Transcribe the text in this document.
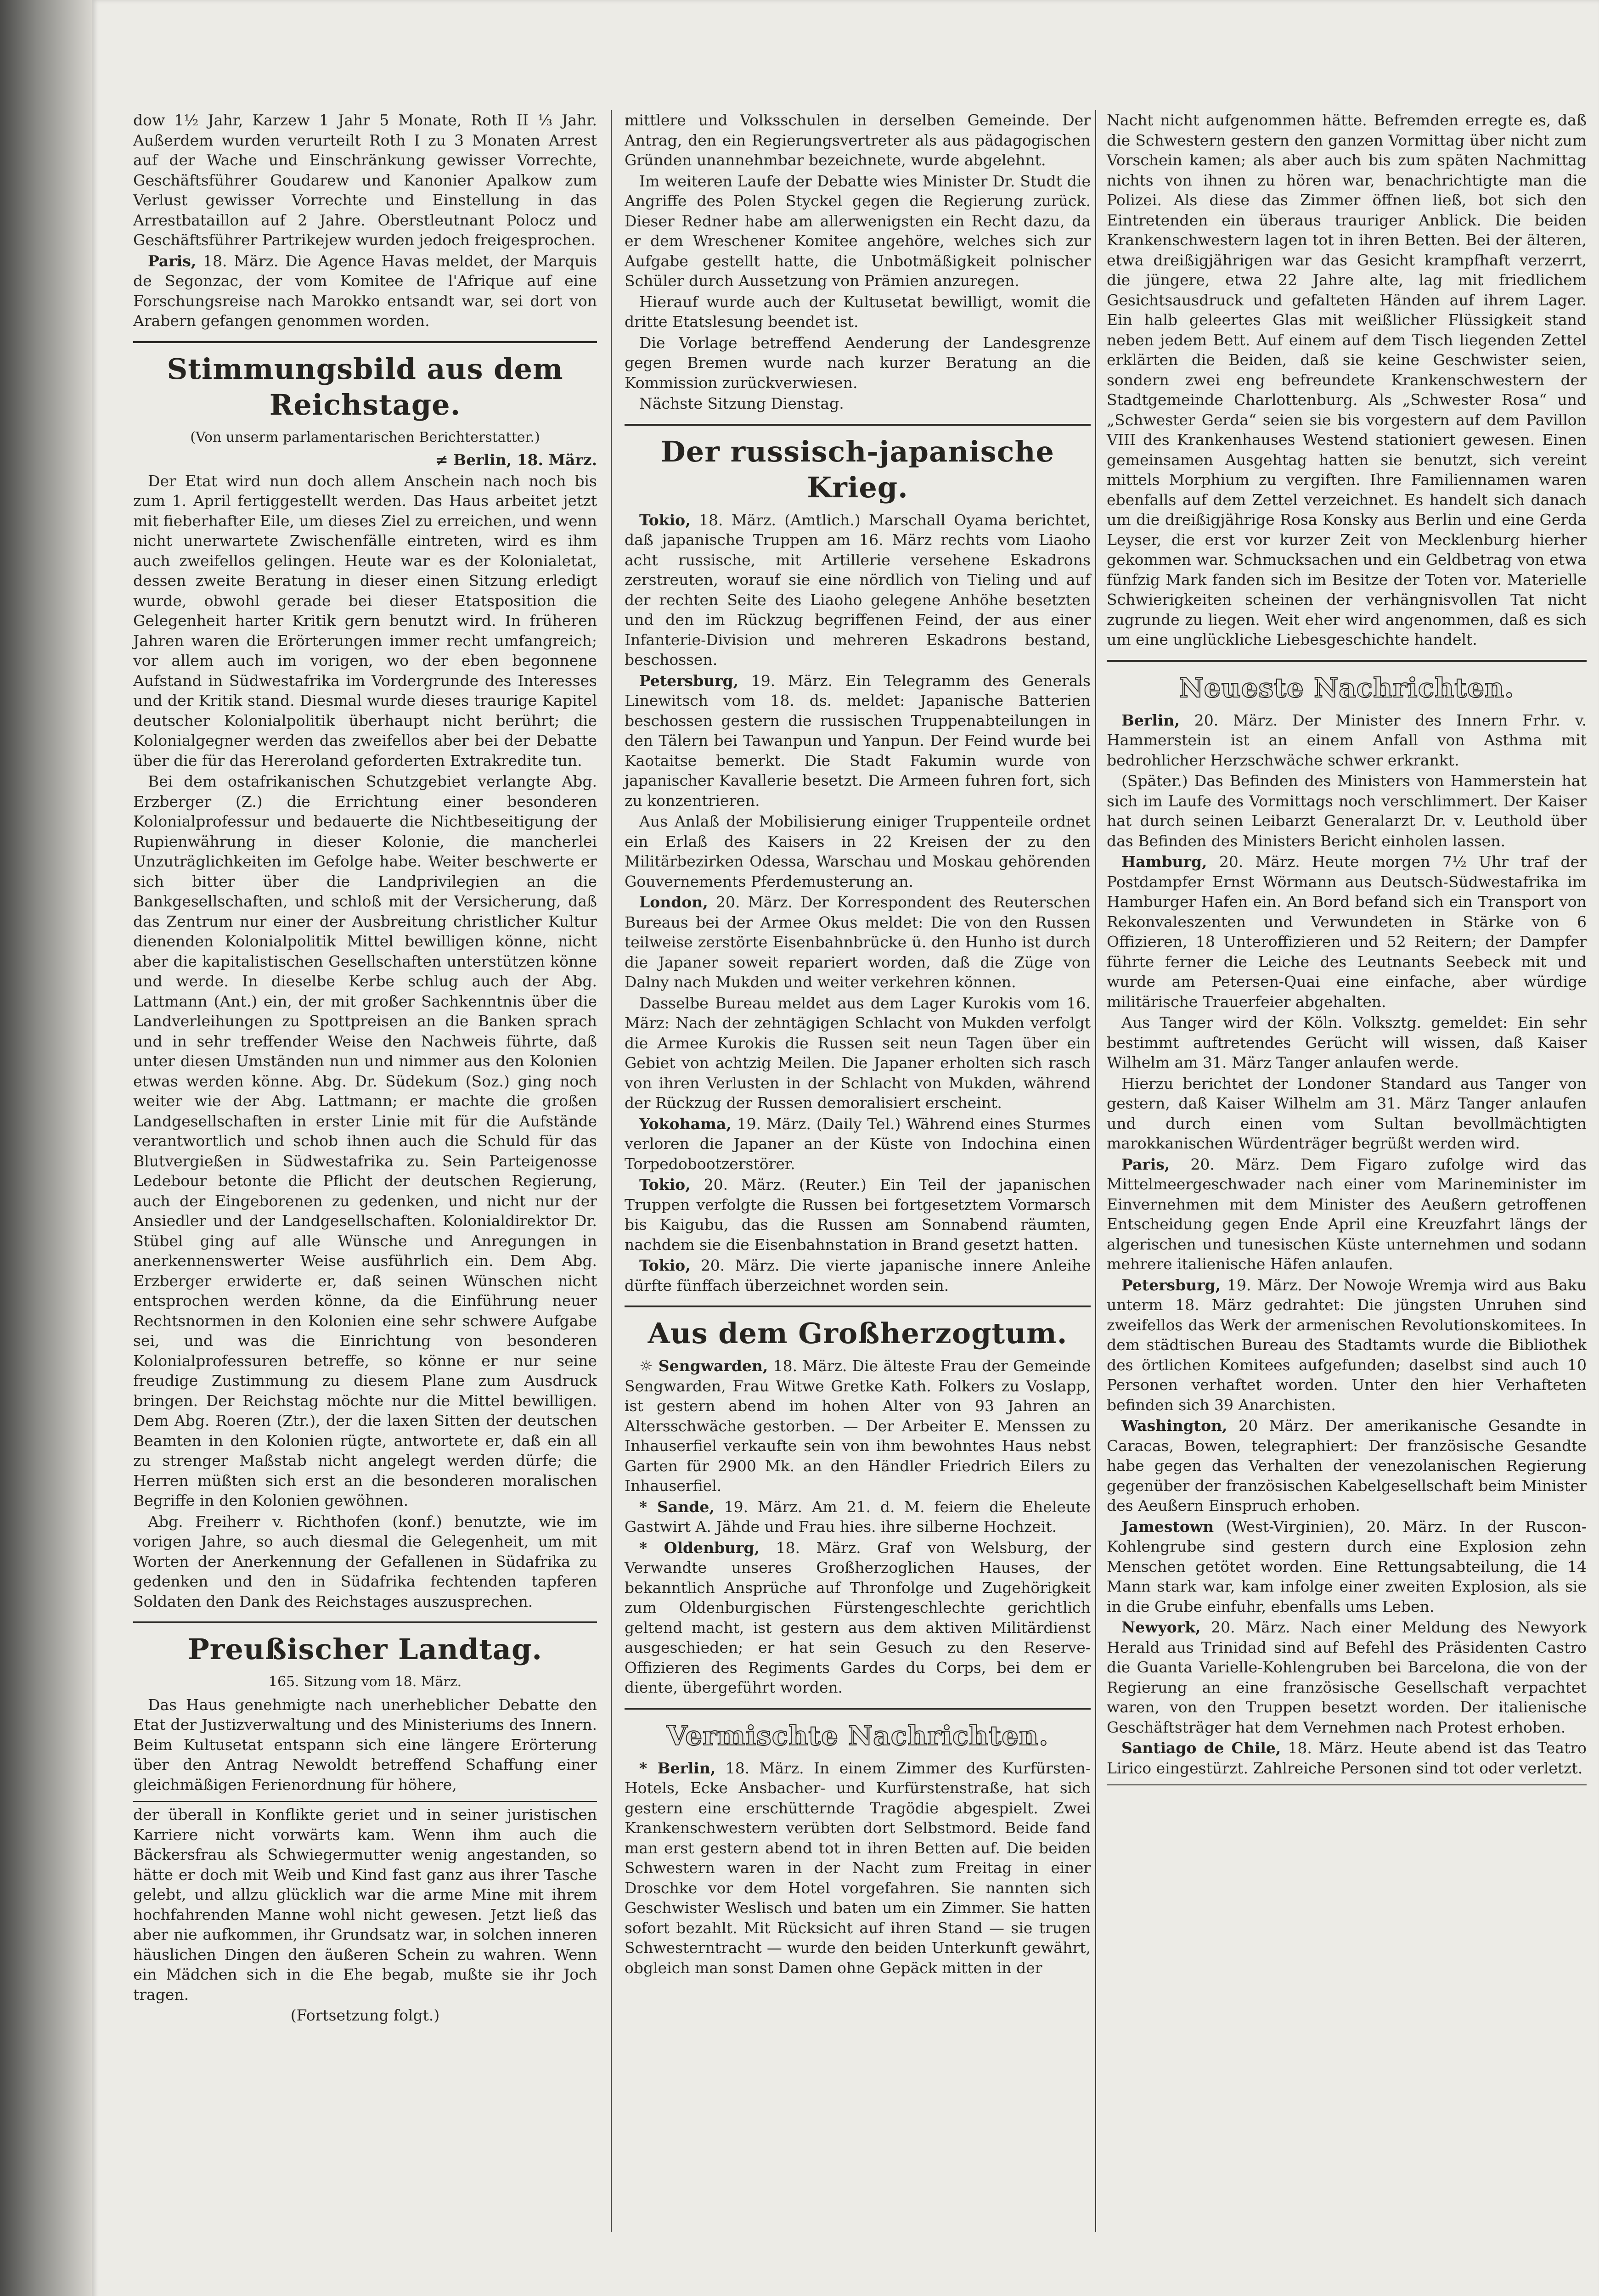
dow 1½ Jahr, Karzew 1 Jahr 5 Monate, Roth II ⅓ Jahr. Außerdem wurden verurteilt Roth I zu 3 Monaten Arrest auf der Wache und Einschränkung gewisser Vorrechte, Geschäftsführer Goudarew und Kanonier Apalkow zum Verlust gewisser Vorrechte und Einstellung in das Arrestbataillon auf 2 Jahre. Oberstleutnant Polocz und Geschäftsführer Partrikejew wurden jedoch freigesprochen.

Paris, 18. März. Die Agence Havas meldet, der Marquis de Segonzac, der vom Komitee de l'Afrique auf eine Forschungsreise nach Marokko entsandt war, sei dort von Arabern gefangen genommen worden.

Stimmungsbild aus dem Reichstage.

(Von unserm parlamentarischen Berichterstatter.)

≠ Berlin, 18. März.

Der Etat wird nun doch allem Anschein nach noch bis zum 1. April fertiggestellt werden. Das Haus arbeitet jetzt mit fieberhafter Eile, um dieses Ziel zu erreichen, und wenn nicht unerwartete Zwischenfälle eintreten, wird es ihm auch zweifellos gelingen. Heute war es der Kolonialetat, dessen zweite Beratung in dieser einen Sitzung erledigt wurde, obwohl gerade bei dieser Etatsposition die Gelegenheit harter Kritik gern benutzt wird. In früheren Jahren waren die Erörterungen immer recht umfangreich; vor allem auch im vorigen, wo der eben begonnene Aufstand in Südwestafrika im Vordergrunde des Interesses und der Kritik stand. Diesmal wurde dieses traurige Kapitel deutscher Kolonialpolitik überhaupt nicht berührt; die Kolonialgegner werden das zweifellos aber bei der Debatte über die für das Hereroland geforderten Extrakredite tun.

Bei dem ostafrikanischen Schutzgebiet verlangte Abg. Erzberger (Z.) die Errichtung einer besonderen Kolonialprofessur und bedauerte die Nichtbeseitigung der Rupienwährung in dieser Kolonie, die mancherlei Unzuträglichkeiten im Gefolge habe. Weiter beschwerte er sich bitter über die Landprivilegien an die Bankgesellschaften, und schloß mit der Versicherung, daß das Zentrum nur einer der Ausbreitung christlicher Kultur dienenden Kolonialpolitik Mittel bewilligen könne, nicht aber die kapitalistischen Gesellschaften unterstützen könne und werde. In dieselbe Kerbe schlug auch der Abg. Lattmann (Ant.) ein, der mit großer Sachkenntnis über die Landverleihungen zu Spottpreisen an die Banken sprach und in sehr treffender Weise den Nachweis führte, daß unter diesen Umständen nun und nimmer aus den Kolonien etwas werden könne. Abg. Dr. Südekum (Soz.) ging noch weiter wie der Abg. Lattmann; er machte die großen Landgesellschaften in erster Linie mit für die Aufstände verantwortlich und schob ihnen auch die Schuld für das Blutvergießen in Südwestafrika zu. Sein Parteigenosse Ledebour betonte die Pflicht der deutschen Regierung, auch der Eingeborenen zu gedenken, und nicht nur der Ansiedler und der Landgesellschaften. Kolonialdirektor Dr. Stübel ging auf alle Wünsche und Anregungen in anerkennenswerter Weise ausführlich ein. Dem Abg. Erzberger erwiderte er, daß seinen Wünschen nicht entsprochen werden könne, da die Einführung neuer Rechtsnormen in den Kolonien eine sehr schwere Aufgabe sei, und was die Einrichtung von besonderen Kolonialprofessuren betreffe, so könne er nur seine freudige Zustimmung zu diesem Plane zum Ausdruck bringen. Der Reichstag möchte nur die Mittel bewilligen. Dem Abg. Roeren (Ztr.), der die laxen Sitten der deutschen Beamten in den Kolonien rügte, antwortete er, daß ein all zu strenger Maßstab nicht angelegt werden dürfe; die Herren müßten sich erst an die besonderen moralischen Begriffe in den Kolonien gewöhnen.

Abg. Freiherr v. Richthofen (konf.) benutzte, wie im vorigen Jahre, so auch diesmal die Gelegenheit, um mit Worten der Anerkennung der Gefallenen in Südafrika zu gedenken und den in Südafrika fechtenden tapferen Soldaten den Dank des Reichstages auszusprechen.

Preußischer Landtag.

165. Sitzung vom 18. März.

Das Haus genehmigte nach unerheblicher Debatte den Etat der Justizverwaltung und des Ministeriums des Innern. Beim Kultusetat entspann sich eine längere Erörterung über den Antrag Newoldt betreffend Schaffung einer gleichmäßigen Ferienordnung für höhere,

der überall in Konflikte geriet und in seiner juristischen Karriere nicht vorwärts kam. Wenn ihm auch die Bäckersfrau als Schwiegermutter wenig angestanden, so hätte er doch mit Weib und Kind fast ganz aus ihrer Tasche gelebt, und allzu glücklich war die arme Mine mit ihrem hochfahrenden Manne wohl nicht gewesen. Jetzt ließ das aber nie aufkommen, ihr Grundsatz war, in solchen inneren häuslichen Dingen den äußeren Schein zu wahren. Wenn ein Mädchen sich in die Ehe begab, mußte sie ihr Joch tragen.

(Fortsetzung folgt.)

mittlere und Volksschulen in derselben Gemeinde. Der Antrag, den ein Regierungsvertreter als aus pädagogischen Gründen unannehmbar bezeichnete, wurde abgelehnt.

Im weiteren Laufe der Debatte wies Minister Dr. Studt die Angriffe des Polen Styckel gegen die Regierung zurück. Dieser Redner habe am allerwenigsten ein Recht dazu, da er dem Wreschener Komitee angehöre, welches sich zur Aufgabe gestellt hatte, die Unbotmäßigkeit polnischer Schüler durch Aussetzung von Prämien anzuregen.

Hierauf wurde auch der Kultusetat bewilligt, womit die dritte Etatslesung beendet ist.

Die Vorlage betreffend Aenderung der Landesgrenze gegen Bremen wurde nach kurzer Beratung an die Kommission zurückverwiesen.

Nächste Sitzung Dienstag.

Der russisch-japanische Krieg.

Tokio, 18. März. (Amtlich.) Marschall Oyama berichtet, daß japanische Truppen am 16. März rechts vom Liaoho acht russische, mit Artillerie versehene Eskadrons zerstreuten, worauf sie eine nördlich von Tieling und auf der rechten Seite des Liaoho gelegene Anhöhe besetzten und den im Rückzug begriffenen Feind, der aus einer Infanterie-Division und mehreren Eskadrons bestand, beschossen.

Petersburg, 19. März. Ein Telegramm des Generals Linewitsch vom 18. ds. meldet: Japanische Batterien beschossen gestern die russischen Truppenabteilungen in den Tälern bei Tawanpun und Yanpun. Der Feind wurde bei Kaotaitse bemerkt. Die Stadt Fakumin wurde von japanischer Kavallerie besetzt. Die Armeen fuhren fort, sich zu konzentrieren.

Aus Anlaß der Mobilisierung einiger Truppenteile ordnet ein Erlaß des Kaisers in 22 Kreisen der zu den Militärbezirken Odessa, Warschau und Moskau gehörenden Gouvernements Pferdemusterung an.

London, 20. März. Der Korrespondent des Reuterschen Bureaus bei der Armee Okus meldet: Die von den Russen teilweise zerstörte Eisenbahnbrücke ü. den Hunho ist durch die Japaner soweit repariert worden, daß die Züge von Dalny nach Mukden und weiter verkehren können.

Dasselbe Bureau meldet aus dem Lager Kurokis vom 16. März: Nach der zehntägigen Schlacht von Mukden verfolgt die Armee Kurokis die Russen seit neun Tagen über ein Gebiet von achtzig Meilen. Die Japaner erholten sich rasch von ihren Verlusten in der Schlacht von Mukden, während der Rückzug der Russen demoralisiert erscheint.

Yokohama, 19. März. (Daily Tel.) Während eines Sturmes verloren die Japaner an der Küste von Indochina einen Torpedobootzerstörer.

Tokio, 20. März. (Reuter.) Ein Teil der japanischen Truppen verfolgte die Russen bei fortgesetztem Vormarsch bis Kaigubu, das die Russen am Sonnabend räumten, nachdem sie die Eisenbahnstation in Brand gesetzt hatten.

Tokio, 20. März. Die vierte japanische innere Anleihe dürfte fünffach überzeichnet worden sein.

Aus dem Großherzogtum.

☼ Sengwarden, 18. März. Die älteste Frau der Gemeinde Sengwarden, Frau Witwe Gretke Kath. Folkers zu Voslapp, ist gestern abend im hohen Alter von 93 Jahren an Altersschwäche gestorben. — Der Arbeiter E. Menssen zu Inhauserfiel verkaufte sein von ihm bewohntes Haus nebst Garten für 2900 Mk. an den Händler Friedrich Eilers zu Inhauserfiel.

* Sande, 19. März. Am 21. d. M. feiern die Eheleute Gastwirt A. Jähde und Frau hies. ihre silberne Hochzeit.

* Oldenburg, 18. März. Graf von Welsburg, der Verwandte unseres Großherzoglichen Hauses, der bekanntlich Ansprüche auf Thronfolge und Zugehörigkeit zum Oldenburgischen Fürstengeschlechte gerichtlich geltend macht, ist gestern aus dem aktiven Militärdienst ausgeschieden; er hat sein Gesuch zu den Reserve-Offizieren des Regiments Gardes du Corps, bei dem er diente, übergeführt worden.

Vermischte Nachrichten.

* Berlin, 18. März. In einem Zimmer des Kurfürsten-Hotels, Ecke Ansbacher- und Kurfürstenstraße, hat sich gestern eine erschütternde Tragödie abgespielt. Zwei Krankenschwestern verübten dort Selbstmord. Beide fand man erst gestern abend tot in ihren Betten auf. Die beiden Schwestern waren in der Nacht zum Freitag in einer Droschke vor dem Hotel vorgefahren. Sie nannten sich Geschwister Weslisch und baten um ein Zimmer. Sie hatten sofort bezahlt. Mit Rücksicht auf ihren Stand — sie trugen Schwesterntracht — wurde den beiden Unterkunft gewährt, obgleich man sonst Damen ohne Gepäck mitten in der

Nacht nicht aufgenommen hätte. Befremden erregte es, daß die Schwestern gestern den ganzen Vormittag über nicht zum Vorschein kamen; als aber auch bis zum späten Nachmittag nichts von ihnen zu hören war, benachrichtigte man die Polizei. Als diese das Zimmer öffnen ließ, bot sich den Eintretenden ein überaus trauriger Anblick. Die beiden Krankenschwestern lagen tot in ihren Betten. Bei der älteren, etwa dreißigjährigen war das Gesicht krampfhaft verzerrt, die jüngere, etwa 22 Jahre alte, lag mit friedlichem Gesichtsausdruck und gefalteten Händen auf ihrem Lager. Ein halb geleertes Glas mit weißlicher Flüssigkeit stand neben jedem Bett. Auf einem auf dem Tisch liegenden Zettel erklärten die Beiden, daß sie keine Geschwister seien, sondern zwei eng befreundete Krankenschwestern der Stadtgemeinde Charlottenburg. Als „Schwester Rosa“ und „Schwester Gerda“ seien sie bis vorgestern auf dem Pavillon VIII des Krankenhauses Westend stationiert gewesen. Einen gemeinsamen Ausgehtag hatten sie benutzt, sich vereint mittels Morphium zu vergiften. Ihre Familiennamen waren ebenfalls auf dem Zettel verzeichnet. Es handelt sich danach um die dreißigjährige Rosa Konsky aus Berlin und eine Gerda Leyser, die erst vor kurzer Zeit von Mecklenburg hierher gekommen war. Schmucksachen und ein Geldbetrag von etwa fünfzig Mark fanden sich im Besitze der Toten vor. Materielle Schwierigkeiten scheinen der verhängnisvollen Tat nicht zugrunde zu liegen. Weit eher wird angenommen, daß es sich um eine unglückliche Liebesgeschichte handelt.

Neueste Nachrichten.

Berlin, 20. März. Der Minister des Innern Frhr. v. Hammerstein ist an einem Anfall von Asthma mit bedrohlicher Herzschwäche schwer erkrankt.

(Später.) Das Befinden des Ministers von Hammerstein hat sich im Laufe des Vormittags noch verschlimmert. Der Kaiser hat durch seinen Leibarzt Generalarzt Dr. v. Leuthold über das Befinden des Ministers Bericht einholen lassen.

Hamburg, 20. März. Heute morgen 7½ Uhr traf der Postdampfer Ernst Wörmann aus Deutsch-Südwestafrika im Hamburger Hafen ein. An Bord befand sich ein Transport von Rekonvaleszenten und Verwundeten in Stärke von 6 Offizieren, 18 Unteroffizieren und 52 Reitern; der Dampfer führte ferner die Leiche des Leutnants Seebeck mit und wurde am Petersen-Quai eine einfache, aber würdige militärische Trauerfeier abgehalten.

Aus Tanger wird der Köln. Volksztg. gemeldet: Ein sehr bestimmt auftretendes Gerücht will wissen, daß Kaiser Wilhelm am 31. März Tanger anlaufen werde.

Hierzu berichtet der Londoner Standard aus Tanger von gestern, daß Kaiser Wilhelm am 31. März Tanger anlaufen und durch einen vom Sultan bevollmächtigten marokkanischen Würdenträger begrüßt werden wird.

Paris, 20. März. Dem Figaro zufolge wird das Mittelmeergeschwader nach einer vom Marineminister im Einvernehmen mit dem Minister des Aeußern getroffenen Entscheidung gegen Ende April eine Kreuzfahrt längs der algerischen und tunesischen Küste unternehmen und sodann mehrere italienische Häfen anlaufen.

Petersburg, 19. März. Der Nowoje Wremja wird aus Baku unterm 18. März gedrahtet: Die jüngsten Unruhen sind zweifellos das Werk der armenischen Revolutionskomitees. In dem städtischen Bureau des Stadtamts wurde die Bibliothek des örtlichen Komitees aufgefunden; daselbst sind auch 10 Personen verhaftet worden. Unter den hier Verhafteten befinden sich 39 Anarchisten.

Washington, 20 März. Der amerikanische Gesandte in Caracas, Bowen, telegraphiert: Der französische Gesandte habe gegen das Verhalten der venezolanischen Regierung gegenüber der französischen Kabelgesellschaft beim Minister des Aeußern Einspruch erhoben.

Jamestown (West-Virginien), 20. März. In der Ruscon-Kohlengrube sind gestern durch eine Explosion zehn Menschen getötet worden. Eine Rettungsabteilung, die 14 Mann stark war, kam infolge einer zweiten Explosion, als sie in die Grube einfuhr, ebenfalls ums Leben.

Newyork, 20. März. Nach einer Meldung des Newyork Herald aus Trinidad sind auf Befehl des Präsidenten Castro die Guanta Varielle-Kohlengruben bei Barcelona, die von der Regierung an eine französische Gesellschaft verpachtet waren, von den Truppen besetzt worden. Der italienische Geschäftsträger hat dem Vernehmen nach Protest erhoben.

Santiago de Chile, 18. März. Heute abend ist das Teatro Lirico eingestürzt. Zahlreiche Personen sind tot oder verletzt.
